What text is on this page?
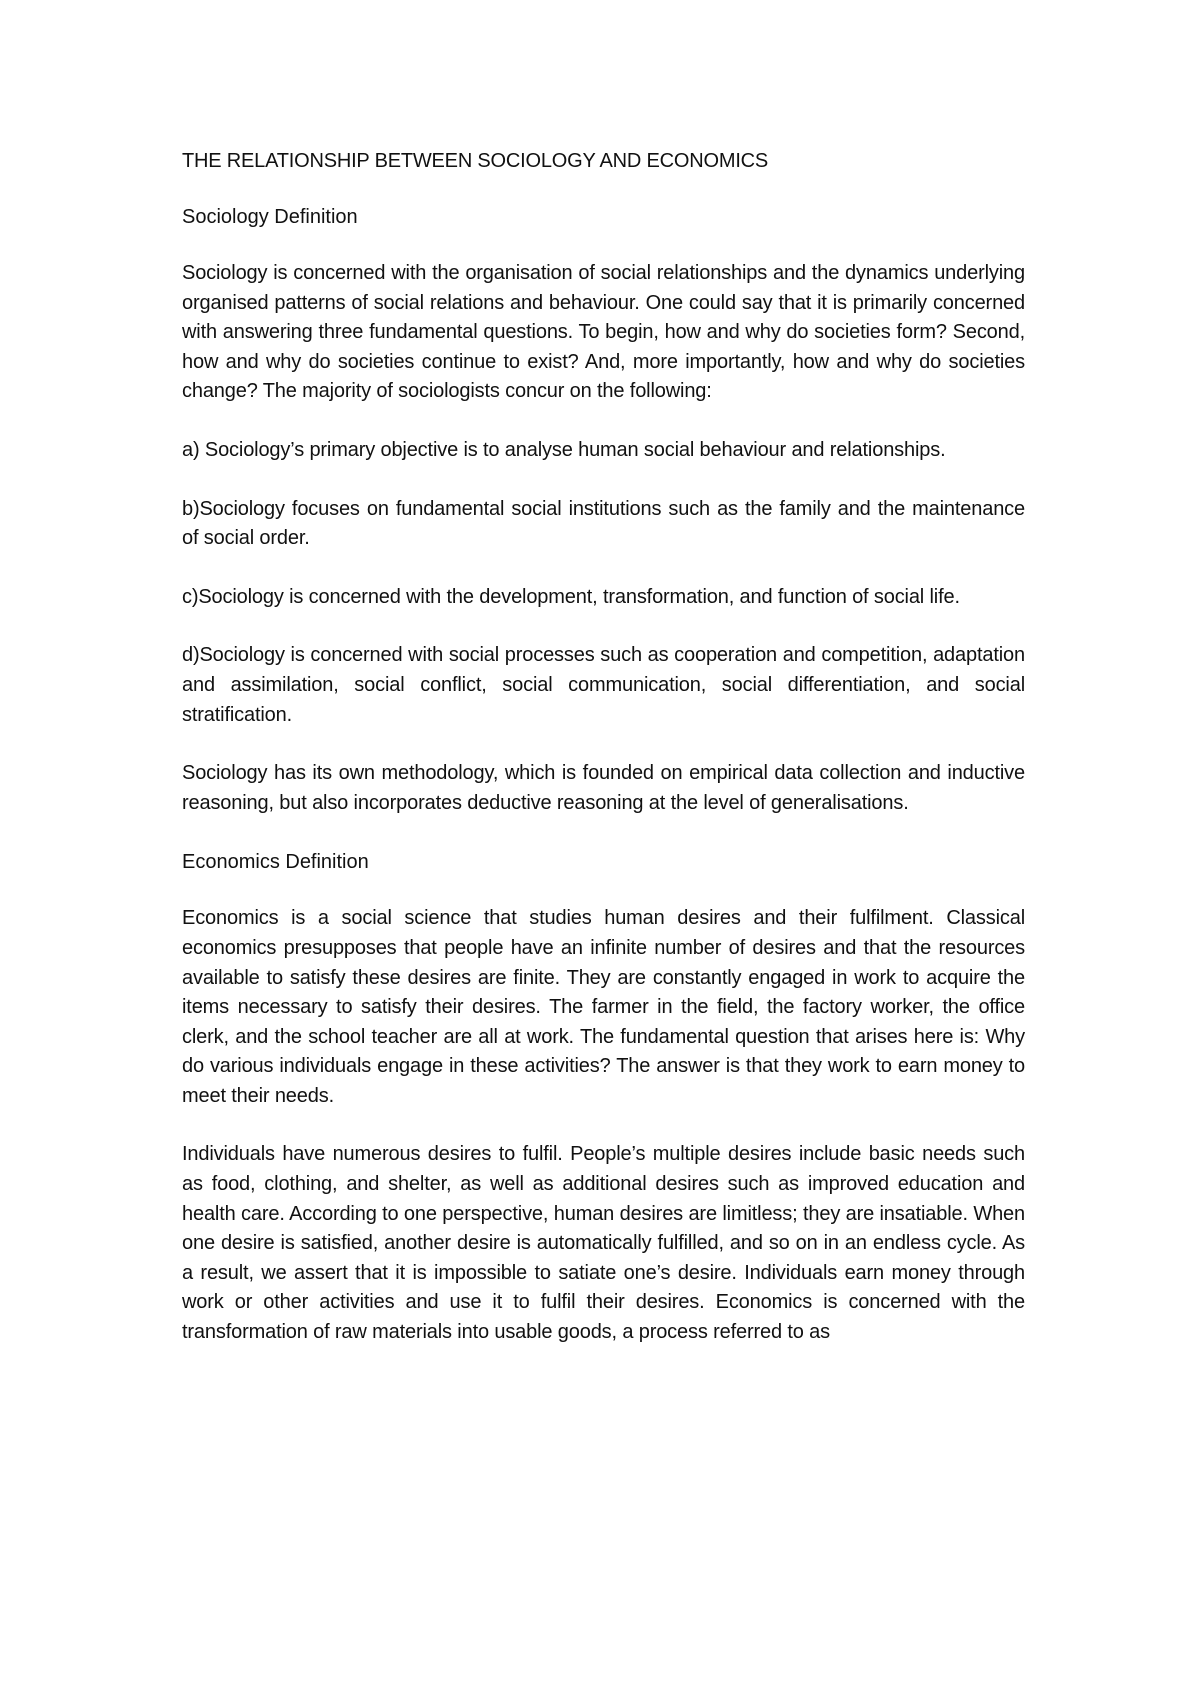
THE RELATIONSHIP BETWEEN SOCIOLOGY AND ECONOMICS
Sociology Definition

Sociology is concerned with the organisation of social relationships and the dynamics underlying organised patterns of social relations and behaviour. One could say that it is primarily concerned with answering three fundamental questions. To begin, how and why do societies form? Second, how and why do societies continue to exist? And, more importantly, how and why do societies change? The majority of sociologists concur on the following:

a) Sociology’s primary objective is to analyse human social behaviour and relationships.

b)Sociology focuses on fundamental social institutions such as the family and the maintenance of social order.

c)Sociology is concerned with the development, transformation, and function of social life.

d)Sociology is concerned with social processes such as cooperation and competition, adaptation and assimilation, social conflict, social communication, social differentiation, and social stratification.

Sociology has its own methodology, which is founded on empirical data collection and inductive reasoning, but also incorporates deductive reasoning at the level of generalisations.

Economics Definition

Economics is a social science that studies human desires and their fulfilment. Classical economics presupposes that people have an infinite number of desires and that the resources available to satisfy these desires are finite. They are constantly engaged in work to acquire the items necessary to satisfy their desires. The farmer in the field, the factory worker, the office clerk, and the school teacher are all at work. The fundamental question that arises here is: Why do various individuals engage in these activities? The answer is that they work to earn money to meet their needs.

Individuals have numerous desires to fulfil. People’s multiple desires include basic needs such as food, clothing, and shelter, as well as additional desires such as improved education and health care. According to one perspective, human desires are limitless; they are insatiable. When one desire is satisfied, another desire is automatically fulfilled, and so on in an endless cycle. As a result, we assert that it is impossible to satiate one’s desire. Individuals earn money through work or other activities and use it to fulfil their desires. Economics is concerned with the transformation of raw materials into usable goods, a process referred to as
